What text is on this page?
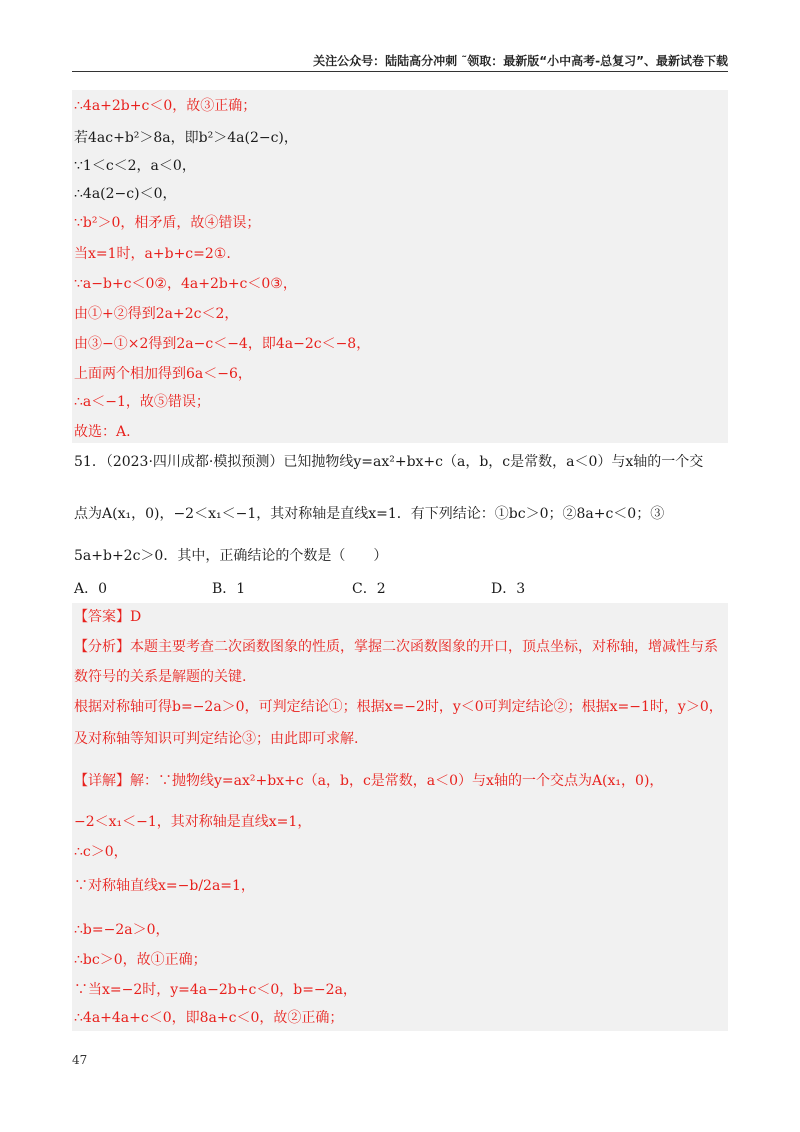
关注公众号：陆陆高分冲刺 ˜领取：最新版“小中高考-总复习”、最新试卷下载
∴4a+2b+c＜0，故③正确；
若4ac+b²＞8a，即b²＞4a(2−c)，
∵1＜c＜2，a＜0，
∴4a(2−c)＜0，
∵b²＞0，相矛盾，故④错误；
当x=1时，a+b+c=2①.
∵a−b+c＜0②，4a+2b+c＜0③，
由①+②得到2a+2c＜2，
由③−①×2得到2a−c＜−4，即4a−2c＜−8，
上面两个相加得到6a＜−6，
∴a＜−1，故⑤错误；
故选：A.
51．（2023·四川成都·模拟预测）已知抛物线y=ax²+bx+c（a，b，c是常数，a＜0）与x轴的一个交
点为A(x₁，0)，−2＜x₁＜−1，其对称轴是直线x=1．有下列结论：①bc＞0；②8a+c＜0；③
5a+b+2c＞0．其中，正确结论的个数是（　　）
A．0	B．1	C．2	D．3
【答案】D
【分析】本题主要考查二次函数图象的性质，掌握二次函数图象的开口，顶点坐标，对称轴，增减性与系
数符号的关系是解题的关键.
根据对称轴可得b=−2a＞0，可判定结论①；根据x=−2时，y＜0可判定结论②；根据x=−1时，y＞0，
及对称轴等知识可判定结论③；由此即可求解.
【详解】解：∵抛物线y=ax²+bx+c（a，b，c是常数，a＜0）与x轴的一个交点为A(x₁，0)，
−2＜x₁＜−1，其对称轴是直线x=1，
∴c＞0，
∵对称轴直线x=−b/2a=1，
∴b=−2a＞0，
∴bc＞0，故①正确；
∵当x=−2时，y=4a−2b+c＜0，b=−2a，
∴4a+4a+c＜0，即8a+c＜0，故②正确；
47
